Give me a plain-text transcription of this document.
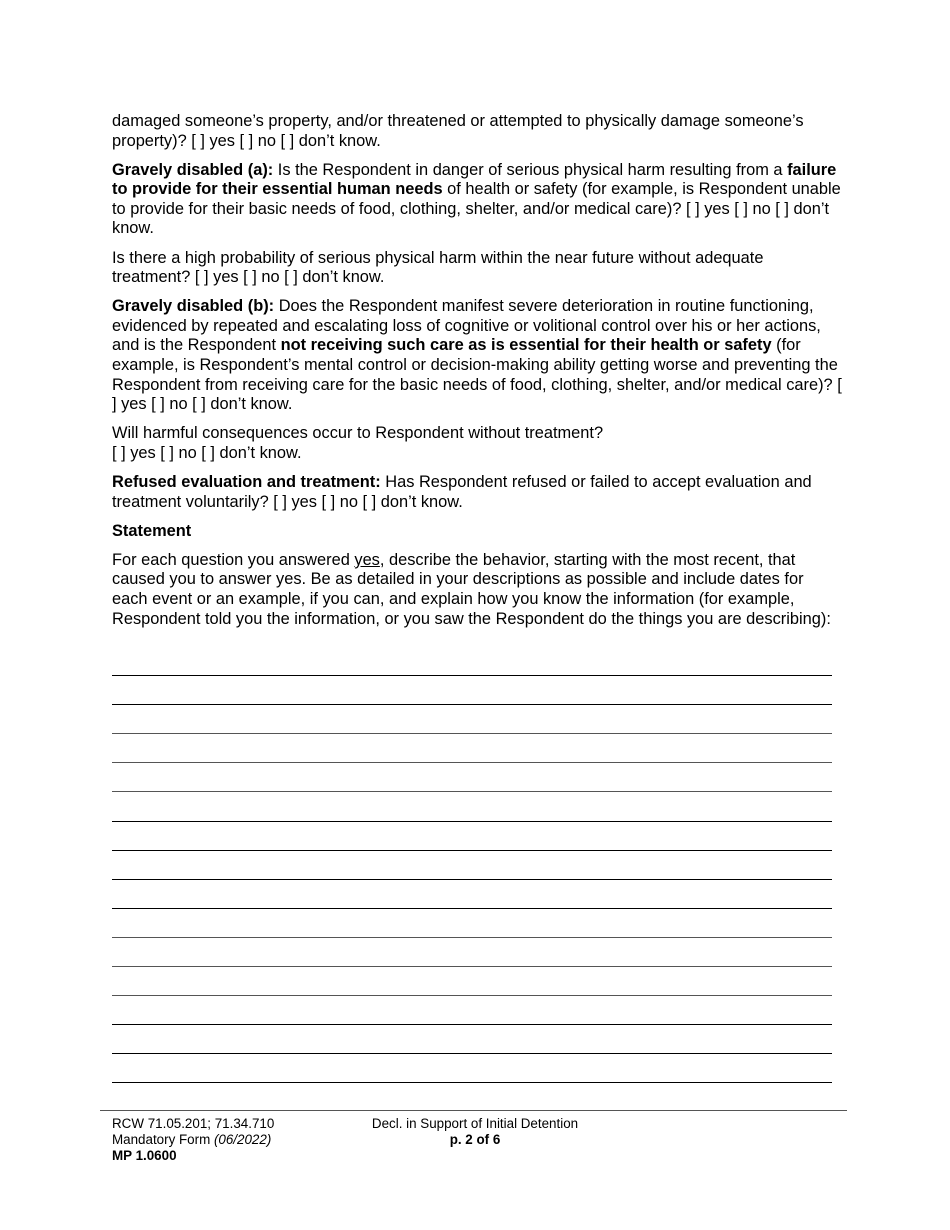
damaged someone’s property, and/or threatened or attempted to physically damage someone’s property)? [ ] yes [ ] no [ ] don’t know.

Gravely disabled (a): Is the Respondent in danger of serious physical harm resulting from a failure to provide for their essential human needs of health or safety (for example, is Respondent unable to provide for their basic needs of food, clothing, shelter, and/or medical care)? [ ] yes [ ] no [ ] don’t know.

Is there a high probability of serious physical harm within the near future without adequate treatment? [ ] yes [ ] no [ ] don’t know.

Gravely disabled (b): Does the Respondent manifest severe deterioration in routine functioning, evidenced by repeated and escalating loss of cognitive or volitional control over his or her actions, and is the Respondent not receiving such care as is essential for their health or safety (for example, is Respondent’s mental control or decision-making ability getting worse and preventing the Respondent from receiving care for the basic needs of food, clothing, shelter, and/or medical care)? [ ] yes [ ] no [ ] don’t know.

Will harmful consequences occur to Respondent without treatment?
[ ] yes [ ] no [ ] don’t know.

Refused evaluation and treatment: Has Respondent refused or failed to accept evaluation and treatment voluntarily? [ ] yes [ ] no [ ] don’t know.

Statement

For each question you answered yes, describe the behavior, starting with the most recent, that caused you to answer yes. Be as detailed in your descriptions as possible and include dates for each event or an example, if you can, and explain how you know the information (for example, Respondent told you the information, or you saw the Respondent do the things you are describing):

RCW 71.05.201; 71.34.710
Mandatory Form (06/2022)
MP 1.0600
Decl. in Support of Initial Detention
p. 2 of 6
